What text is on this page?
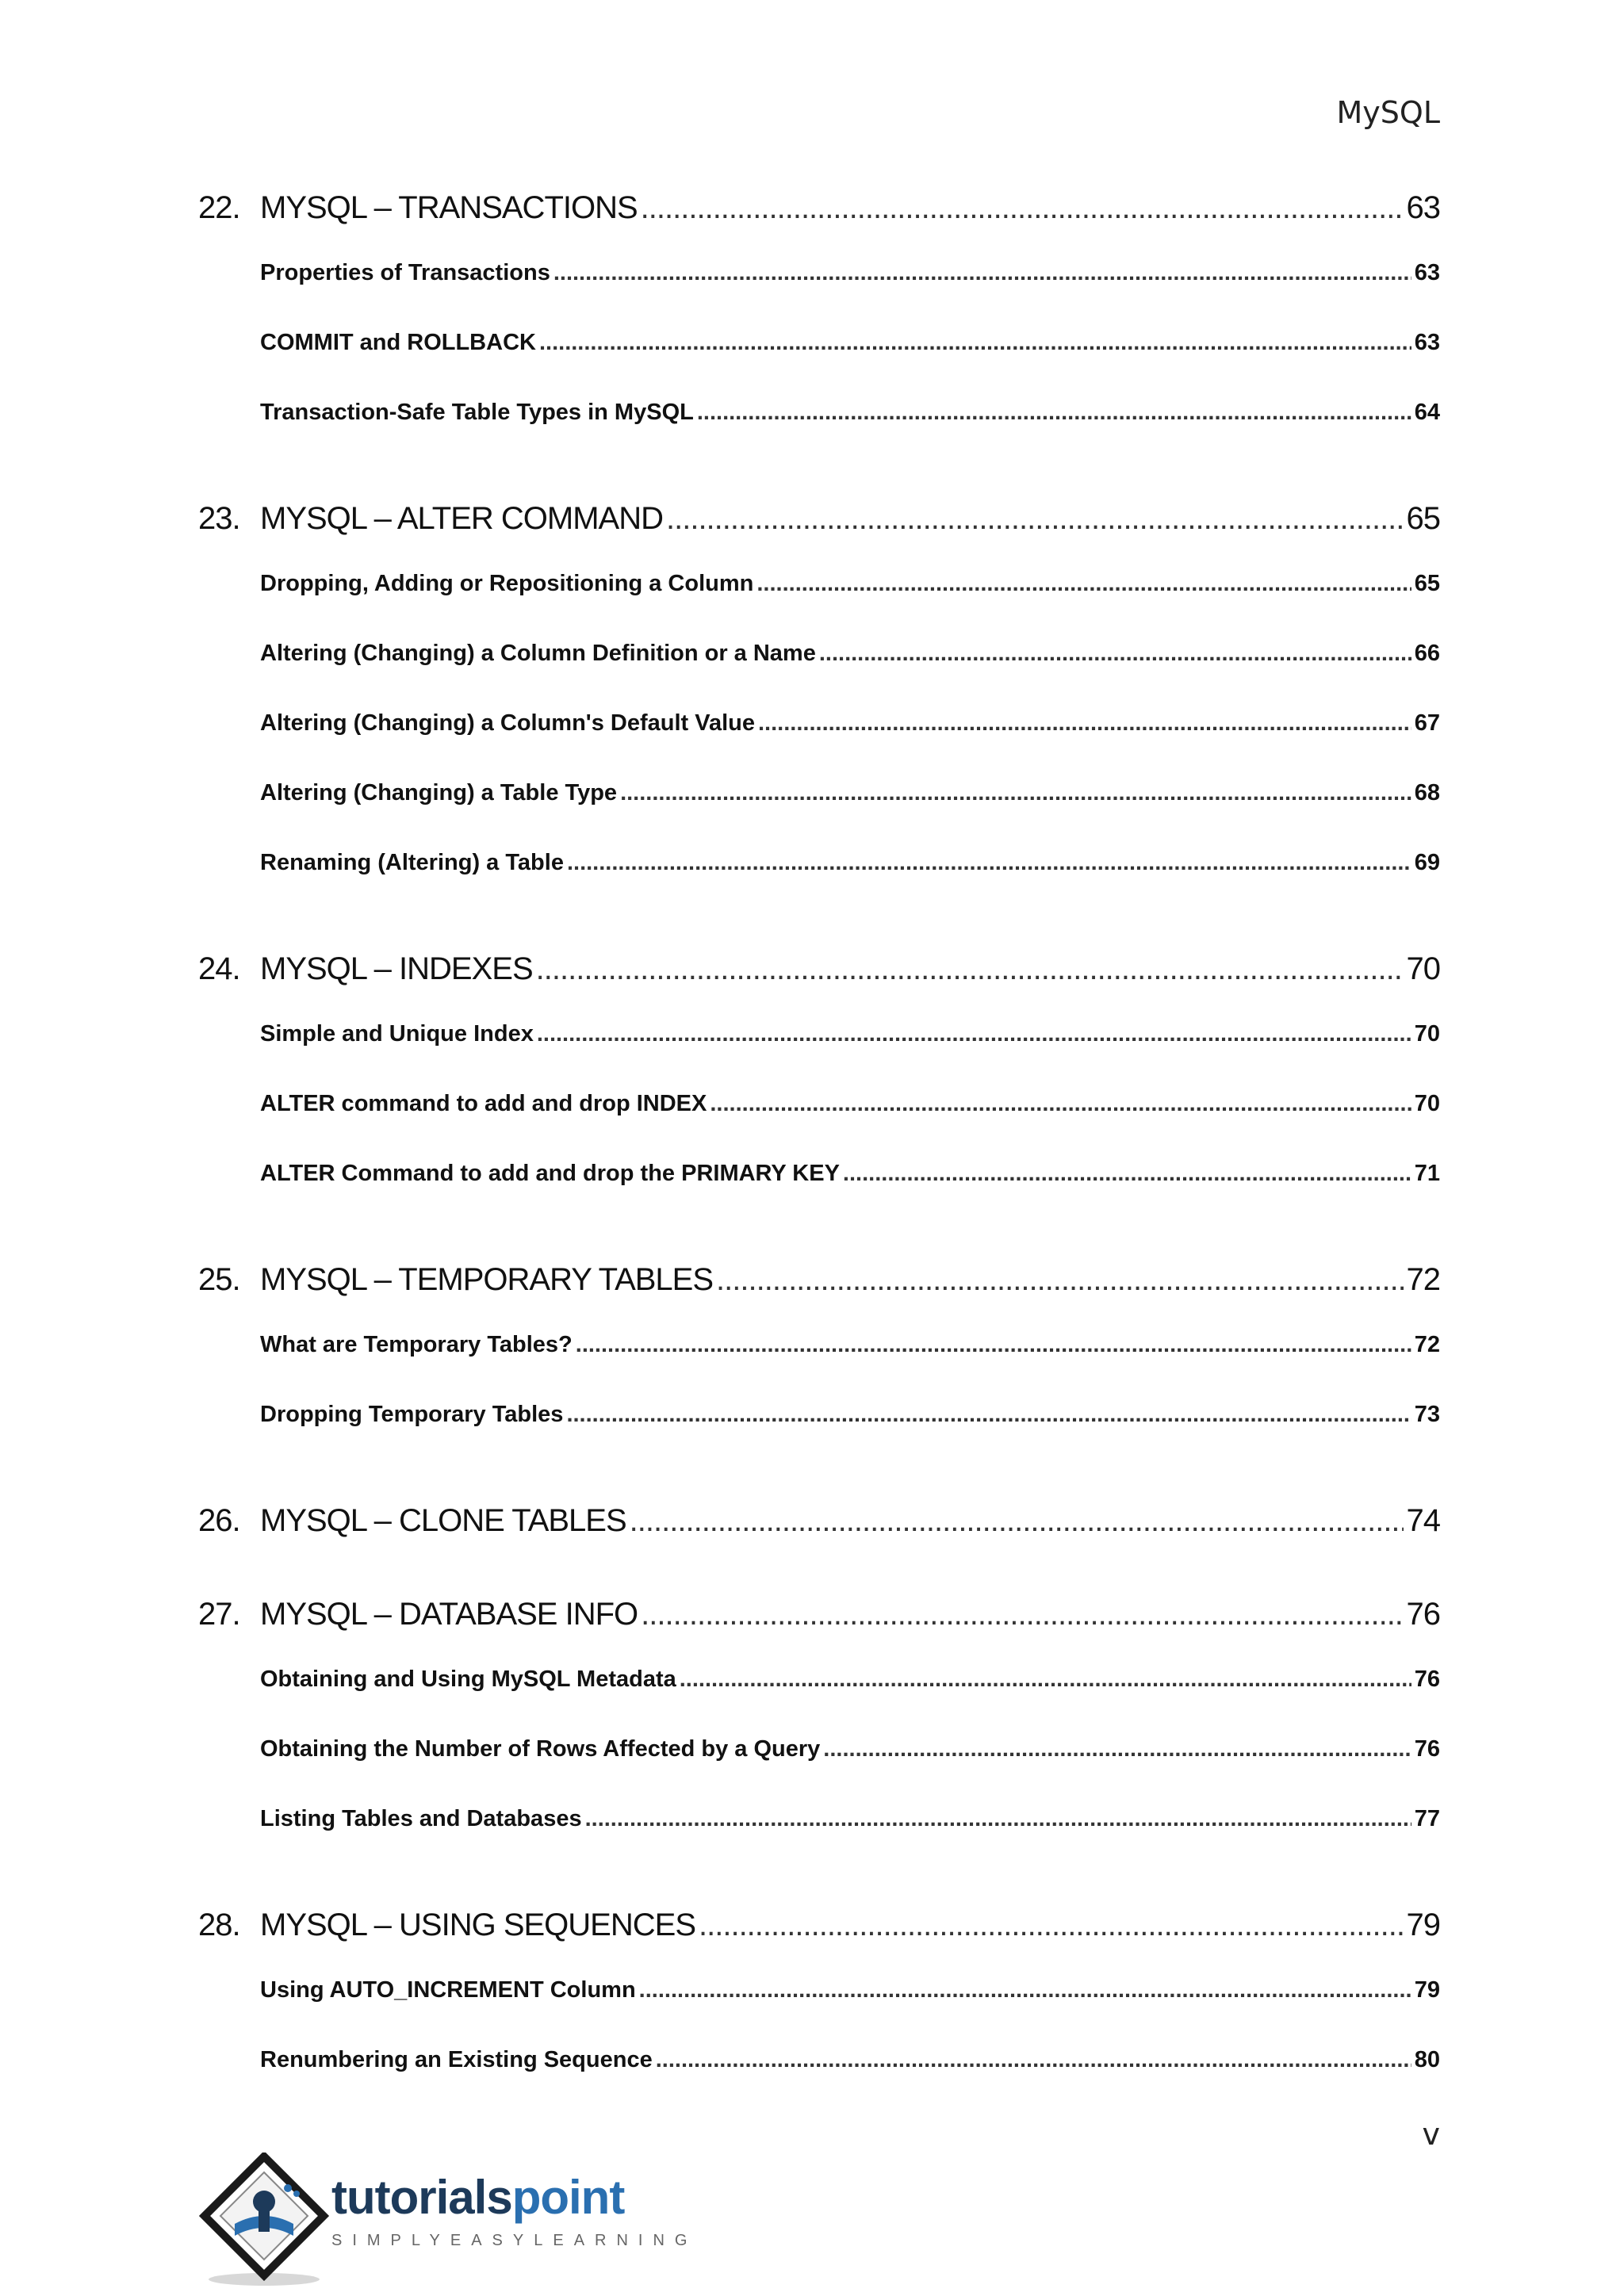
MySQL
22. MYSQL – TRANSACTIONS .....	63
Properties of Transactions .....	63
COMMIT and ROLLBACK .....	63
Transaction-Safe Table Types in MySQL .....	64
23. MYSQL – ALTER COMMAND .....	65
Dropping, Adding or Repositioning a Column .....	65
Altering (Changing) a Column Definition or a Name .....	66
Altering (Changing) a Column's Default Value .....	67
Altering (Changing) a Table Type .....	68
Renaming (Altering) a Table .....	69
24. MYSQL – INDEXES .....	70
Simple and Unique Index .....	70
ALTER command to add and drop INDEX .....	70
ALTER Command to add and drop the PRIMARY KEY .....	71
25. MYSQL – TEMPORARY TABLES .....	72
What are Temporary Tables? .....	72
Dropping Temporary Tables .....	73
26. MYSQL – CLONE TABLES .....	74
27. MYSQL – DATABASE INFO .....	76
Obtaining and Using MySQL Metadata .....	76
Obtaining the Number of Rows Affected by a Query .....	76
Listing Tables and Databases .....	77
28. MYSQL – USING SEQUENCES .....	79
Using AUTO_INCREMENT Column .....	79
Renumbering an Existing Sequence .....	80
v
tutorialspoint
SIMPLYEASYLEARNING
